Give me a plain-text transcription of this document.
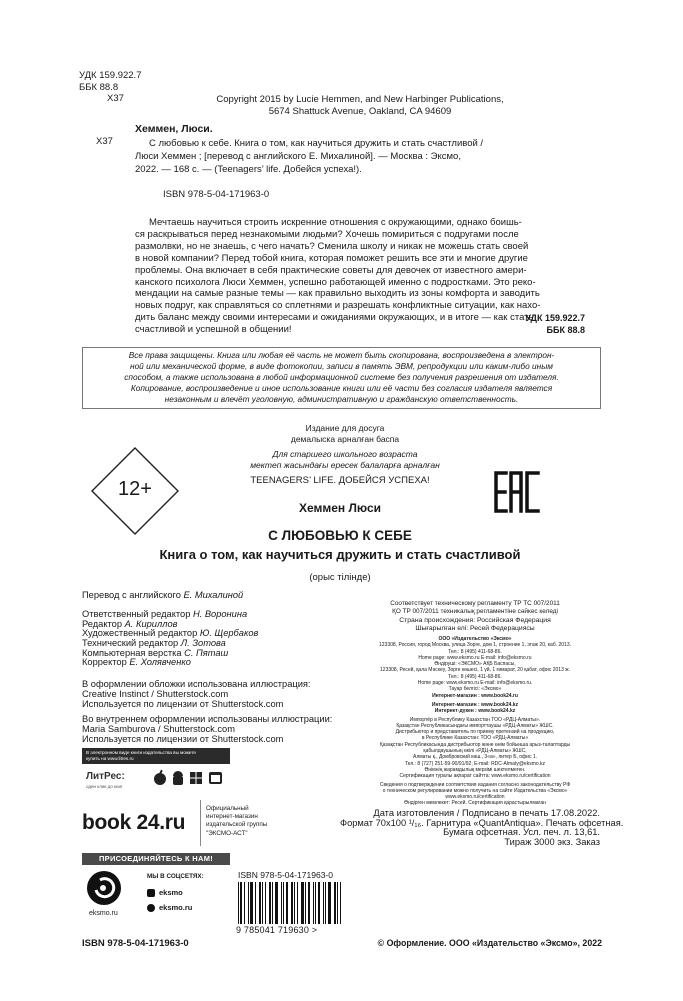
УДК 159.922.7
ББК 88.8
Х37	Copyright 2015 by Lucie Hemmen, and New Harbinger Publications,
5674 Shattuck Avenue, Oakland, CA 94609
Х37
Хеммен, Люси.
С любовью к себе. Книга о том, как научиться дружить и стать счастливой /
Люси Хеммен ; [перевод с английского Е. Михалиной]. — Москва : Эксмо,
2022. — 168 с. — (Teenagers’ life. Добейся успеха!).
ISBN 978-5-04-171963-0
Мечтаешь научиться строить искренние отношения с окружающими, однако боишь-
ся раскрываться перед незнакомыми людьми? Хочешь помириться с подругами после
размолвки, но не знаешь, с чего начать? Сменила школу и никак не можешь стать своей
в новой компании? Перед тобой книга, которая поможет решить все эти и многие другие
проблемы. Она включает в себя практические советы для девочек от известного амери-
канского психолога Люси Хеммен, успешно работающей именно с подростками. Это реко-
мендации на самые разные темы — как правильно выходить из зоны комфорта и заводить
новых подруг, как справляться со сплетнями и разрешать конфликтные ситуации, как нахо-
дить баланс между своими интересами и ожиданиями окружающих, и в итоге — как стать
счастливой и успешной в общении!
УДК 159.922.7
ББК 88.8
Все права защищены. Книга или любая её часть не может быть скопирована, воспроизведена в электрон-
ной или механической форме, в виде фотокопии, записи в память ЭВМ, репродукции или каким-либо иным
способом, а также использована в любой информационной системе без получения разрешения от издателя.
Копирование, воспроизведение и иное использование книги или её части без согласия издателя является
незаконным и влечёт уголовную, административную и гражданскую ответственность.
Издание для досуга
демалыска арналған баспа
Для старшего школьного возраста
мектеп жасындағы ересек балаларға арналған
12+	TEENAGERS’ LIFE. ДОБЕЙСЯ УСПЕХА!
Хеммен Люси
С ЛЮБОВЬЮ К СЕБЕ
Книга о том, как научиться дружить и стать счастливой
(орыс тілінде)
Перевод с английского Е. Михалиной
Ответственный редактор Н. Воронина
Редактор А. Кириллов
Художественный редактор Ю. Щербаков
Технический редактор Л. Зотова
Компьютерная верстка С. Пяташ
Корректор Е. Холявченко
В оформлении обложки использована иллюстрация:
Creative Instinct / Shutterstock.com
Используется по лицензии от Shutterstock.com
Во внутреннем оформлении использованы иллюстрации:
Maria Samburova / Shutterstock.com
Используется по лицензии от Shutterstock.com
Соответствует техническому регламенту ТР ТС 007/2011
ҚО ТР 007/2011 техникалық регламентіне сәйкес келеді
Страна происхождения: Российская Федерация
Шығарылған елі: Ресей Федерациясы
ООО «Издательство «Эксмо»
123308, Россия, город Москва, улица Зорге, дом 1, строение 1, этаж 20, каб. 2013.
Тел.: 8 (495) 411-68-86.
Home page: www.eksmo.ru E-mail: info@eksmo.ru
Өндіруші: «ЭКСМО» АҚБ Баспасы,
123308, Ресей, қала Мәскеу, Зорге көшесі, 1 үй, 1 ғимарат, 20 қабат, офис 2013 ж.
Тел.: 8 (495) 411-68-86.
Home page: www.eksmo.ru E-mail: info@eksmo.ru.
Тауар белгісі: «Эксмо»
Интернет-магазин : www.book24.ru
Интернет-магазин : www.book24.kz
Интернет-дүкен : www.book24.kz
Импортёр в Республику Казахстан ТОО «РДЦ-Алматы».
Қазақстан Республикасындағы импорттаушы «РДЦ-Алматы» ЖШС.
Дистрибьютор и представитель по приему претензий на продукцию,
в Республике Казахстан: ТОО «РДЦ-Алматы»
Қазақстан Республикасында дистрибьютор және өнім бойынша арыз-талаптарды
қабылдаушының өкілі «РДЦ-Алматы» ЖШС,
Алматы қ., Домбровский көш., 3«а», литер Б, офис 1.
Тел.: 8 (727) 251-59-90/91/92; E-mail: RDC-Almaty@eksmo.kz
Өнімнің жарамдылық мерзімі шектелмеген.
Сертификация туралы ақпарат сайтта: www.eksmo.ru/certification
Сведения о подтверждении соответствия издания согласно законодательству РФ
о техническом регулировании можно получить на сайте Издательства «Эксмо»
www.eksmo.ru/certification
Өндірген мемлекет: Ресей. Сертификация қарастырылмаған
Дата изготовления / Подписано в печать 17.08.2022.
Формат 70x100 ¹/₁₆. Гарнитура «QuantAntiqua». Печать офсетная.
Бумага офсетная. Усл. печ. л. 13,61.
Тираж 3000 экз. Заказ
В электронном виде книги издательства вы можете
купить на www.litres.ru
ЛитРес:
один клик до книг
book 24.ru
Официальный
интернет-магазин
издательской группы
"ЭКСМО-АСТ"
ПРИСОЕДИНЯЙТЕСЬ К НАМ!
eksmo.ru
МЫ В СОЦСЕТЯХ:
eksmo
eksmo.ru
ISBN 978-5-04-171963-0
9 785041 719630 >
ISBN 978-5-04-171963-0	© Оформление. ООО «Издательство «Эксмо», 2022
